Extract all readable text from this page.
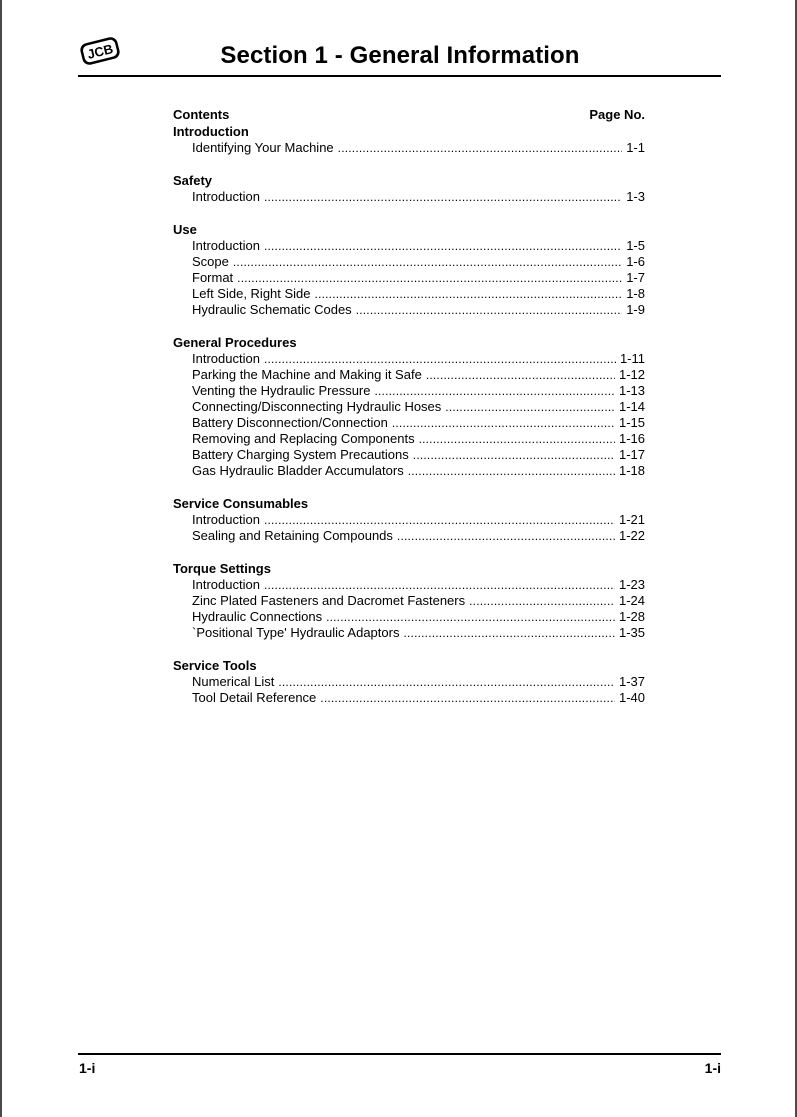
JCB	Section 1 - General Information
Contents	Page No.
Introduction
Identifying Your Machine .....	1-1
Safety
Introduction .....	1-3
Use
Introduction .....	1-5
Scope .....	1-6
Format .....	1-7
Left Side, Right Side .....	1-8
Hydraulic Schematic Codes .....	1-9
General Procedures
Introduction .....	1-11
Parking the Machine and Making it Safe .....	1-12
Venting the Hydraulic Pressure .....	1-13
Connecting/Disconnecting Hydraulic Hoses .....	1-14
Battery Disconnection/Connection .....	1-15
Removing and Replacing Components .....	1-16
Battery Charging System Precautions .....	1-17
Gas Hydraulic Bladder Accumulators .....	1-18
Service Consumables
Introduction .....	1-21
Sealing and Retaining Compounds .....	1-22
Torque Settings
Introduction .....	1-23
Zinc Plated Fasteners and Dacromet Fasteners .....	1-24
Hydraulic Connections .....	1-28
`Positional Type' Hydraulic Adaptors .....	1-35
Service Tools
Numerical List .....	1-37
Tool Detail Reference .....	1-40
1-i	1-i
